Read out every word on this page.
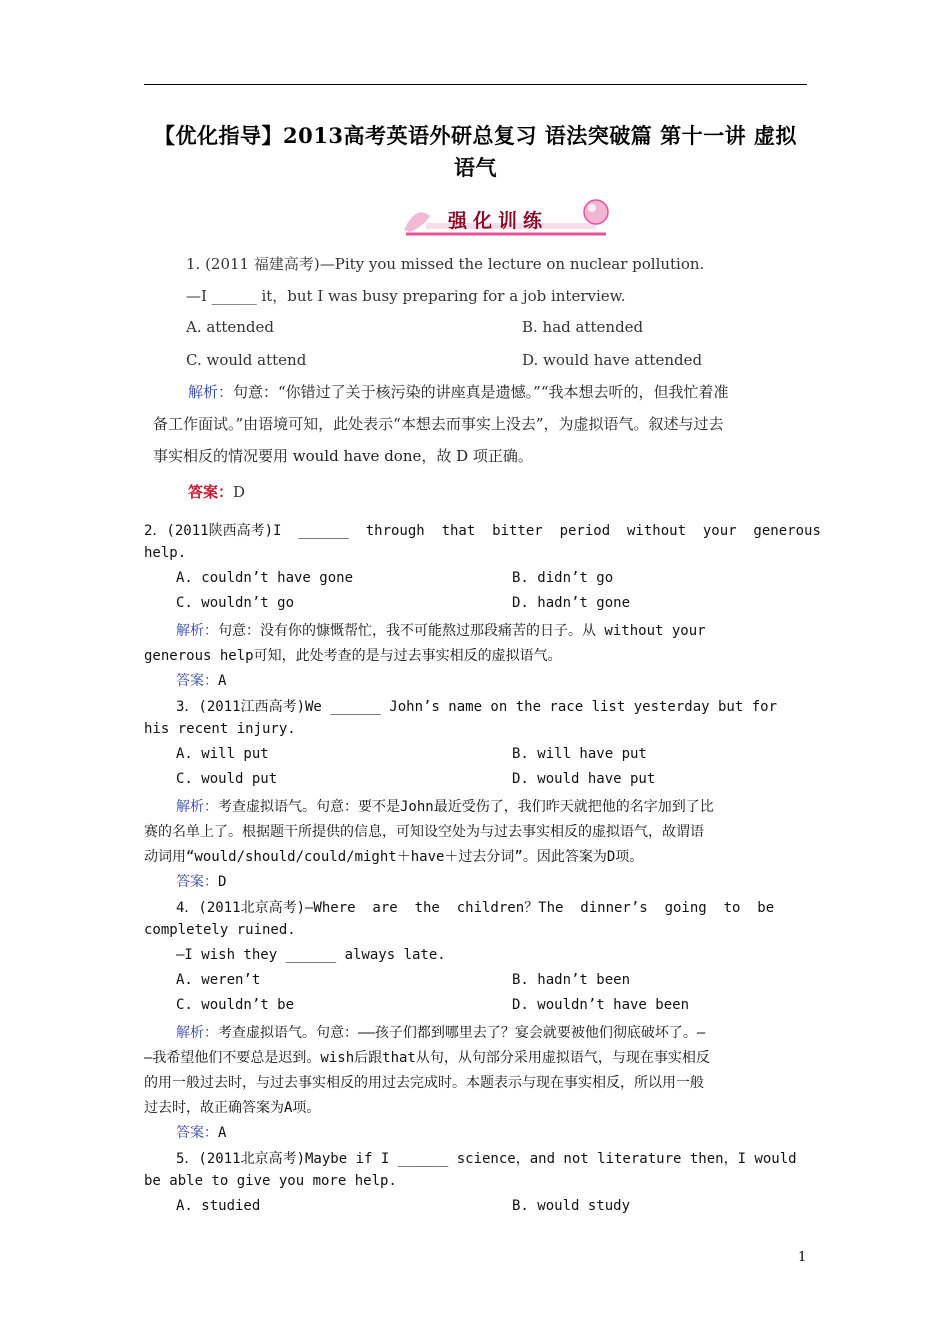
【优化指导】2013高考英语外研总复习 语法突破篇 第十一讲 虚拟
语气
强化训练
1. (2011 福建高考)—Pity you missed the lecture on nuclear pollution.
—I ______ it，but I was busy preparing for a job interview.
A. attended	B. had attended
C. would attend	D. would have attended
解析：句意：“你错过了关于核污染的讲座真是遗憾。”“我本想去听的，但我忙着准
备工作面试。”由语境可知，此处表示“本想去而事实上没去”，为虚拟语气。叙述与过去
事实相反的情况要用 would have done，故 D 项正确。
答案：D
2．(2011陕西高考)I  ______  through  that  bitter  period  without  your  generous
help.
A. couldn’t have gone	B. didn’t go
C. wouldn’t go	D. hadn’t gone
解析：句意：没有你的慷慨帮忙，我不可能熬过那段痛苦的日子。从 without your
generous help可知，此处考查的是与过去事实相反的虚拟语气。
答案：A
3．(2011江西高考)We ______ John’s name on the race list yesterday but for
his recent injury.
A. will put	B. will have put
C. would put	D. would have put
解析：考查虚拟语气。句意：要不是John最近受伤了，我们昨天就把他的名字加到了比
赛的名单上了。根据题干所提供的信息，可知设空处为与过去事实相反的虚拟语气，故谓语
动词用“would/should/could/might＋have＋过去分词”。因此答案为D项。
答案：D
4．(2011北京高考)—Where  are  the  children？The  dinner’s  going  to  be
completely ruined.
—I wish they ______ always late.
A. weren’t	B. hadn’t been
C. wouldn’t be	D. wouldn’t have been
解析：考查虚拟语气。句意：——孩子们都到哪里去了？宴会就要被他们彻底破坏了。—
—我希望他们不要总是迟到。wish后跟that从句，从句部分采用虚拟语气，与现在事实相反
的用一般过去时，与过去事实相反的用过去完成时。本题表示与现在事实相反，所以用一般
过去时，故正确答案为A项。
答案：A
5．(2011北京高考)Maybe if I ______ science，and not literature then，I would
be able to give you more help.
A. studied	B. would study
1
